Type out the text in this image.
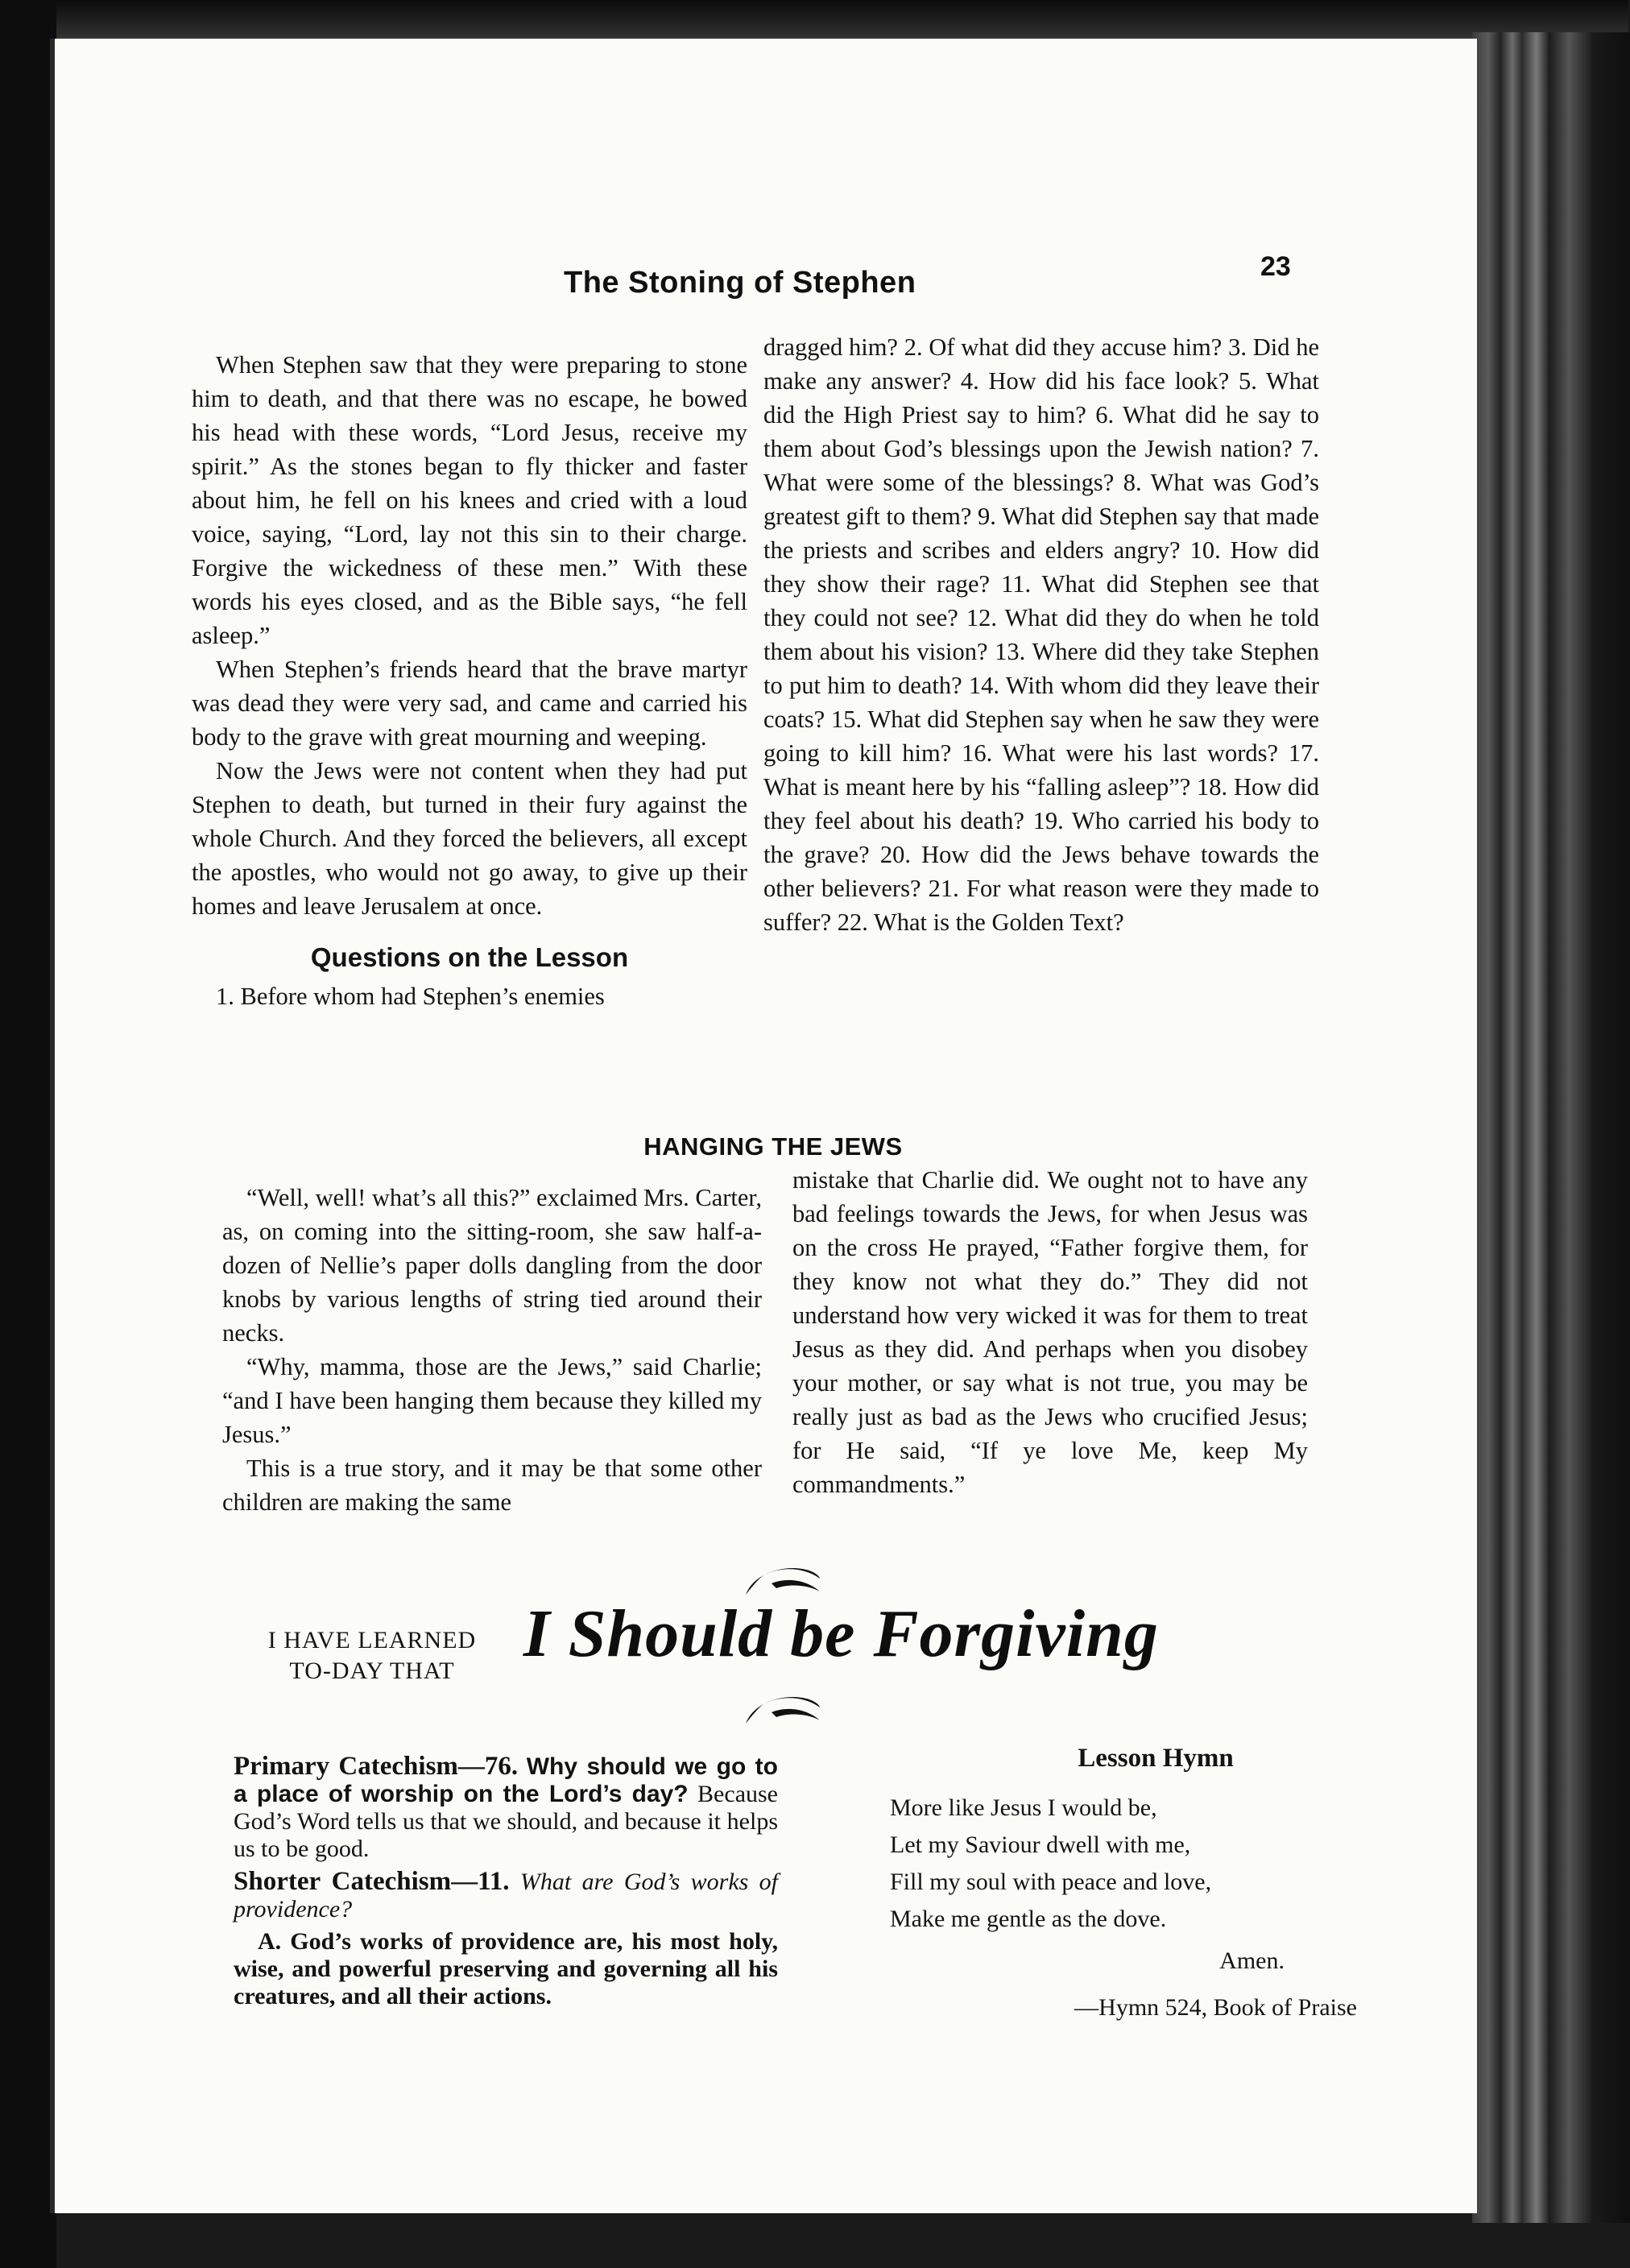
The Stoning of Stephen	23

When Stephen saw that they were preparing to stone him to death, and that there was no escape, he bowed his head with these words, “Lord Jesus, receive my spirit.” As the stones began to fly thicker and faster about him, he fell on his knees and cried with a loud voice, saying, “Lord, lay not this sin to their charge. Forgive the wickedness of these men.” With these words his eyes closed, and as the Bible says, “he fell asleep.”

When Stephen’s friends heard that the brave martyr was dead they were very sad, and came and carried his body to the grave with great mourning and weeping.

Now the Jews were not content when they had put Stephen to death, but turned in their fury against the whole Church. And they forced the believers, all except the apostles, who would not go away, to give up their homes and leave Jerusalem at once.

Questions on the Lesson

1. Before whom had Stephen’s enemies

dragged him? 2. Of what did they accuse him? 3. Did he make any answer? 4. How did his face look? 5. What did the High Priest say to him? 6. What did he say to them about God’s blessings upon the Jewish nation? 7. What were some of the blessings? 8. What was God’s greatest gift to them? 9. What did Stephen say that made the priests and scribes and elders angry? 10. How did they show their rage? 11. What did Stephen see that they could not see? 12. What did they do when he told them about his vision? 13. Where did they take Stephen to put him to death? 14. With whom did they leave their coats? 15. What did Stephen say when he saw they were going to kill him? 16. What were his last words? 17. What is meant here by his “falling asleep”? 18. How did they feel about his death? 19. Who carried his body to the grave? 20. How did the Jews behave towards the other believers? 21. For what reason were they made to suffer? 22. What is the Golden Text?

HANGING THE JEWS

“Well, well! what’s all this?” exclaimed Mrs. Carter, as, on coming into the sitting-room, she saw half-a-dozen of Nellie’s paper dolls dangling from the door knobs by various lengths of string tied around their necks.

“Why, mamma, those are the Jews,” said Charlie; “and I have been hanging them because they killed my Jesus.”

This is a true story, and it may be that some other children are making the same

mistake that Charlie did. We ought not to have any bad feelings towards the Jews, for when Jesus was on the cross He prayed, “Father forgive them, for they know not what they do.” They did not understand how very wicked it was for them to treat Jesus as they did. And perhaps when you disobey your mother, or say what is not true, you may be really just as bad as the Jews who crucified Jesus; for He said, “If ye love Me, keep My commandments.”

I HAVE LEARNED
TO-DAY THAT	I Should be Forgiving
Primary Catechism—76. Why should we go to a place of worship on the Lord’s day? Because God’s Word tells us that we should, and because it helps us to be good.
Shorter Catechism—11. What are God’s works of providence?
A. God’s works of providence are, his most holy, wise, and powerful preserving and governing all his creatures, and all their actions.
Lesson Hymn

More like Jesus I would be,

Let my Saviour dwell with me,

Fill my soul with peace and love,

Make me gentle as the dove.

Amen.
—Hymn 524, Book of Praise
